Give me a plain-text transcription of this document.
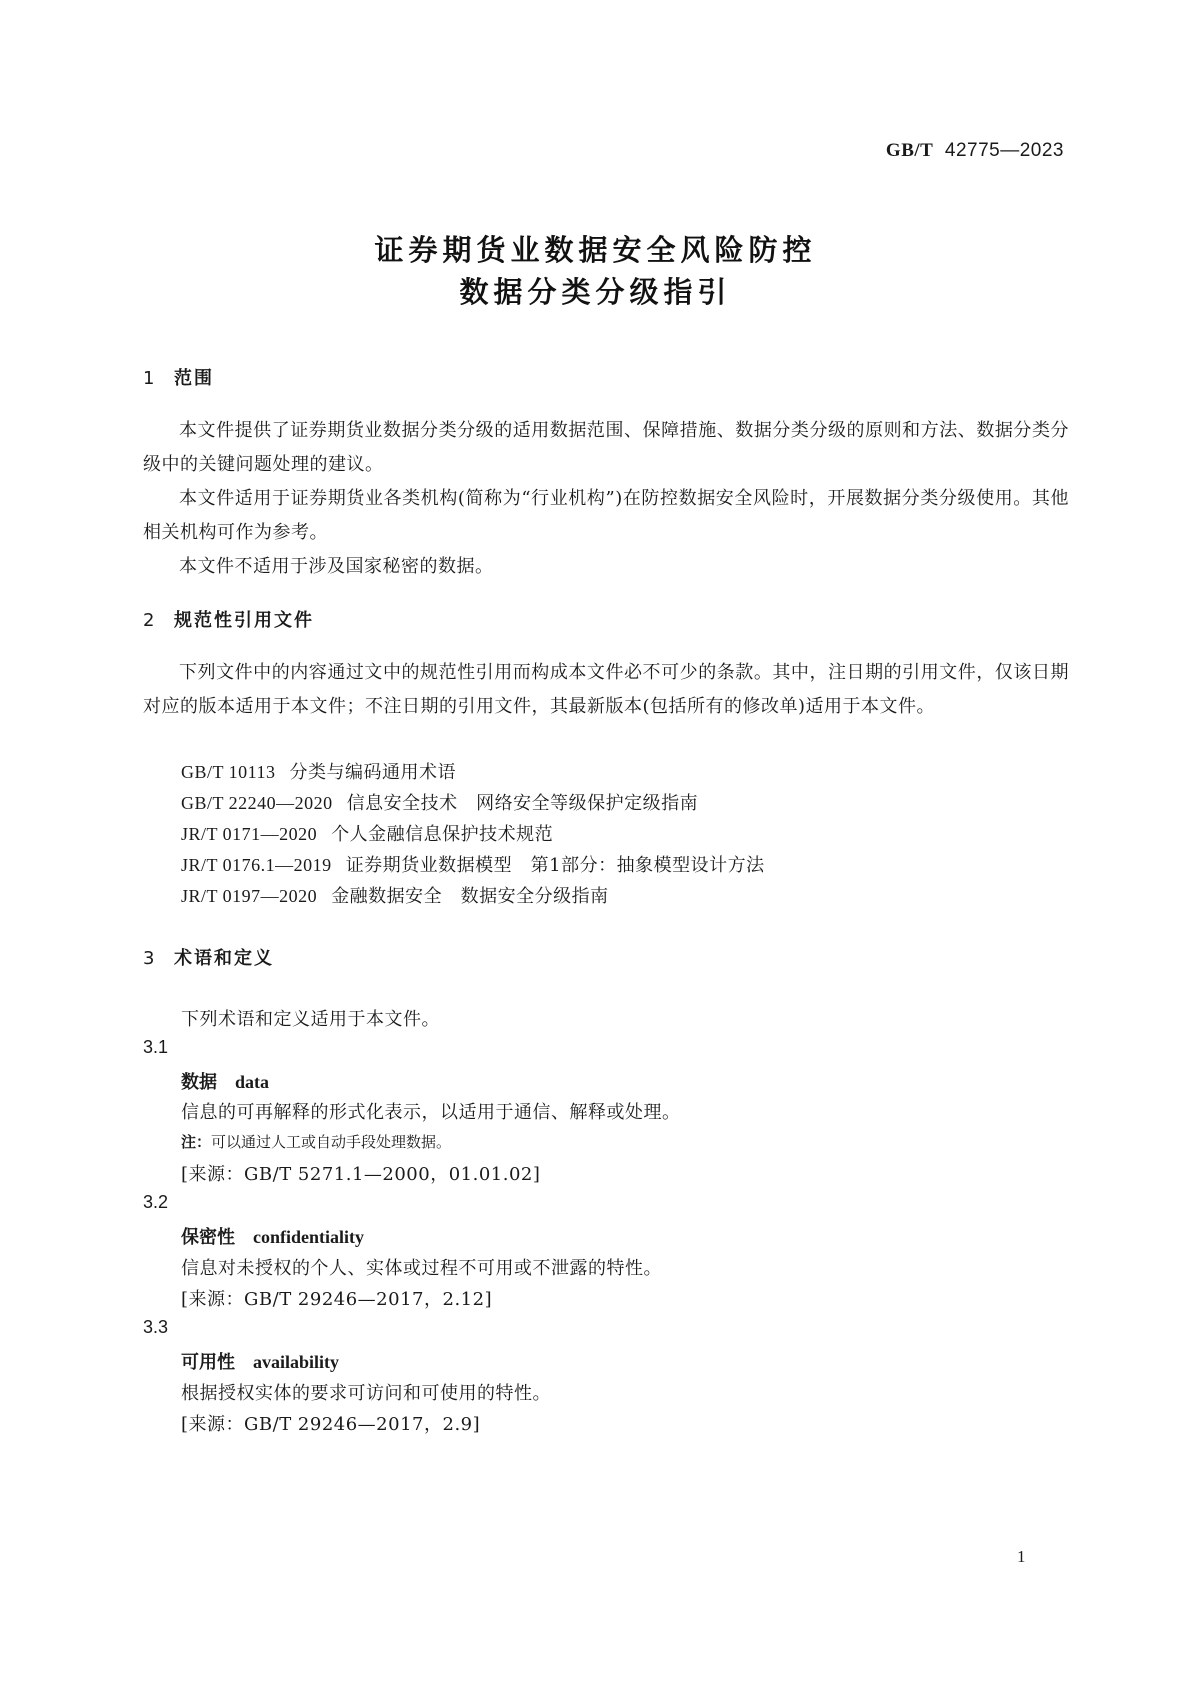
GB/T 42775—2023
证券期货业数据安全风险防控
数据分类分级指引
1 范围
本文件提供了证券期货业数据分类分级的适用数据范围、保障措施、数据分类分级的原则和方法、数据分类分级中的关键问题处理的建议。
本文件适用于证券期货业各类机构(简称为“行业机构”)在防控数据安全风险时，开展数据分类分级使用。其他相关机构可作为参考。
本文件不适用于涉及国家秘密的数据。
2 规范性引用文件
下列文件中的内容通过文中的规范性引用而构成本文件必不可少的条款。其中，注日期的引用文件，仅该日期对应的版本适用于本文件；不注日期的引用文件，其最新版本(包括所有的修改单)适用于本文件。
GB/T 10113 分类与编码通用术语
GB/T 22240—2020 信息安全技术　网络安全等级保护定级指南
JR/T 0171—2020 个人金融信息保护技术规范
JR/T 0176.1—2019 证券期货业数据模型　第1部分：抽象模型设计方法
JR/T 0197—2020 金融数据安全　数据安全分级指南
3 术语和定义
下列术语和定义适用于本文件。
3.1
数据 data
信息的可再解释的形式化表示，以适用于通信、解释或处理。
注：可以通过人工或自动手段处理数据。
[来源：GB/T 5271.1—2000，01.01.02]
3.2
保密性 confidentiality
信息对未授权的个人、实体或过程不可用或不泄露的特性。
[来源：GB/T 29246—2017，2.12]
3.3
可用性 availability
根据授权实体的要求可访问和可使用的特性。
[来源：GB/T 29246—2017，2.9]
1
